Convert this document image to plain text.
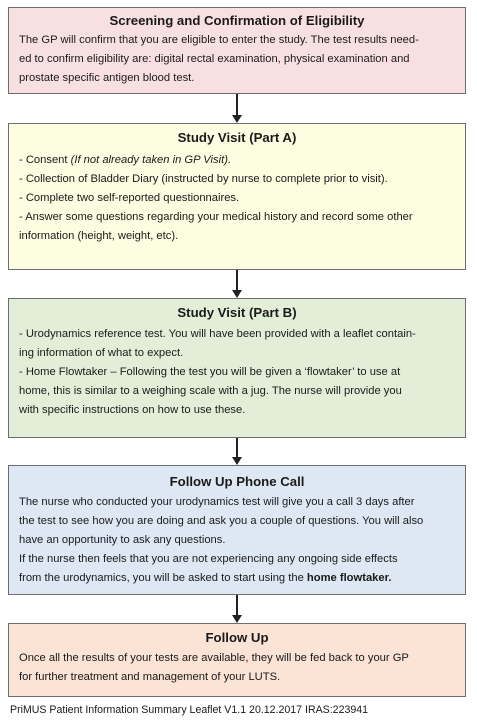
Screening and Confirmation of Eligibility

The GP will confirm that you are eligible to enter the study. The test results need-

ed to confirm eligibility are: digital rectal examination, physical examination and

prostate specific antigen blood test.

Study Visit (Part A)
- Consent (If not already taken in GP Visit).
- Collection of Bladder Diary (instructed by nurse to complete prior to visit).
- Complete two self-reported questionnaires.
- Answer some questions regarding your medical history and record some other
information (height, weight, etc).
Study Visit (Part B)
- Urodynamics reference test. You will have been provided with a leaflet contain-
ing information of what to expect.
- Home Flowtaker – Following the test you will be given a ‘flowtaker’ to use at
home, this is similar to a weighing scale with a jug. The nurse will provide you
with specific instructions on how to use these.
Follow Up Phone Call

The nurse who conducted your urodynamics test will give you a call 3 days after

the test to see how you are doing and ask you a couple of questions. You will also

have an opportunity to ask any questions.

If the nurse then feels that you are not experiencing any ongoing side effects

from the urodynamics, you will be asked to start using the home flowtaker.

Follow Up

Once all the results of your tests are available, they will be fed back to your GP

for further treatment and management of your LUTS.

PriMUS Patient Information Summary Leaflet V1.1 20.12.2017 IRAS:223941
